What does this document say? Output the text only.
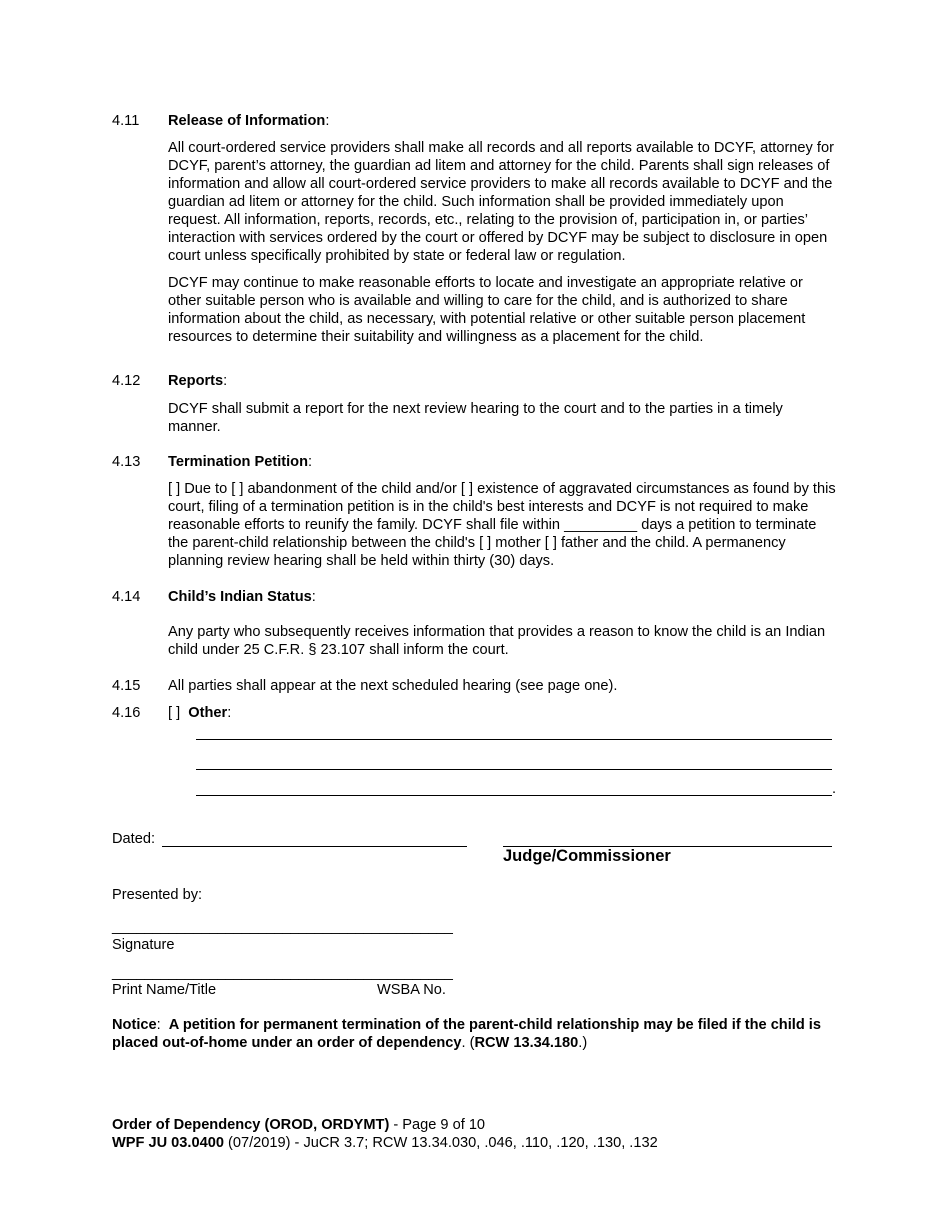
4.11 Release of Information:

All court-ordered service providers shall make all records and all reports available to DCYF, attorney for DCYF, parent’s attorney, the guardian ad litem and attorney for the child. Parents shall sign releases of information and allow all court-ordered service providers to make all records available to DCYF and the guardian ad litem or attorney for the child. Such information shall be provided immediately upon request. All information, reports, records, etc., relating to the provision of, participation in, or parties’ interaction with services ordered by the court or offered by DCYF may be subject to disclosure in open court unless specifically prohibited by state or federal law or regulation.

DCYF may continue to make reasonable efforts to locate and investigate an appropriate relative or other suitable person who is available and willing to care for the child, and is authorized to share information about the child, as necessary, with potential relative or other suitable person placement resources to determine their suitability and willingness as a placement for the child.

4.12 Reports:
DCYF shall submit a report for the next review hearing to the court and to the parties in a timely manner.
4.13 Termination Petition:
[ ] Due to [ ] abandonment of the child and/or [ ] existence of aggravated circumstances as found by this court, filing of a termination petition is in the child's best interests and DCYF is not required to make reasonable efforts to reunify the family. DCYF shall file within _________ days a petition to terminate the parent-child relationship between the child's [ ] mother [ ] father and the child. A permanency planning review hearing shall be held within thirty (30) days.
4.14 Child’s Indian Status:
Any party who subsequently receives information that provides a reason to know the child is an Indian child under 25 C.F.R. § 23.107 shall inform the court.
4.15 All parties shall appear at the next scheduled hearing (see page one).
4.16 [ ] Other:
.
Dated:
Judge/Commissioner
Presented by:
__________________________________________
Signature
__________________________________________
Print Name/Title	WSBA No.
Notice: A petition for permanent termination of the parent-child relationship may be filed if the child is placed out-of-home under an order of dependency. (RCW 13.34.180.)
Order of Dependency (OROD, ORDYMT) - Page 9 of 10
WPF JU 03.0400 (07/2019) - JuCR 3.7; RCW 13.34.030, .046, .110, .120, .130, .132
